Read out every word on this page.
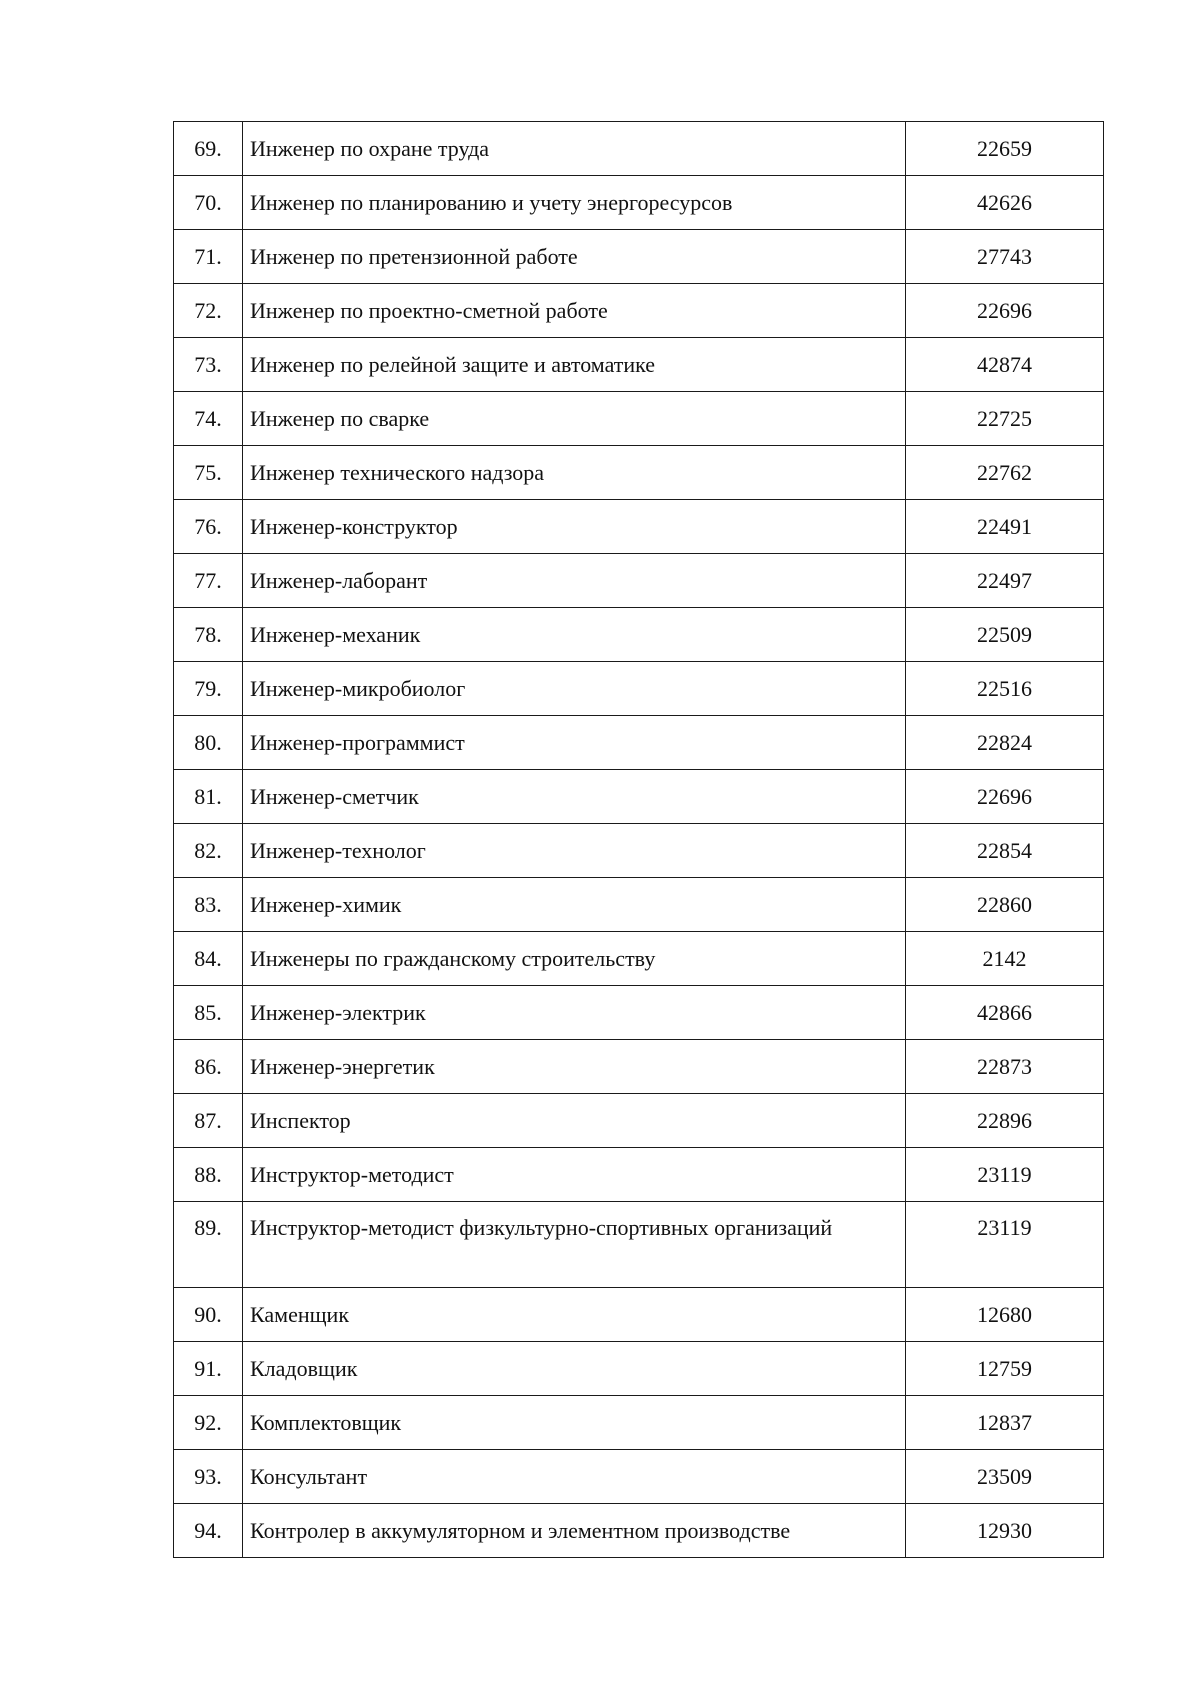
69.	Инженер по охране труда	22659
70.	Инженер по планированию и учету энергоресурсов	42626
71.	Инженер по претензионной работе	27743
72.	Инженер по проектно-сметной работе	22696
73.	Инженер по релейной защите и автоматике	42874
74.	Инженер по сварке	22725
75.	Инженер технического надзора	22762
76.	Инженер-конструктор	22491
77.	Инженер-лаборант	22497
78.	Инженер-механик	22509
79.	Инженер-микробиолог	22516
80.	Инженер-программист	22824
81.	Инженер-сметчик	22696
82.	Инженер-технолог	22854
83.	Инженер-химик	22860
84.	Инженеры по гражданскому строительству	2142
85.	Инженер-электрик	42866
86.	Инженер-энергетик	22873
87.	Инспектор	22896
88.	Инструктор-методист	23119
89.	Инструктор-методист физкультурно-спортивных организаций	23119
90.	Каменщик	12680
91.	Кладовщик	12759
92.	Комплектовщик	12837
93.	Консультант	23509
94.	Контролер в аккумуляторном и элементном производстве	12930
